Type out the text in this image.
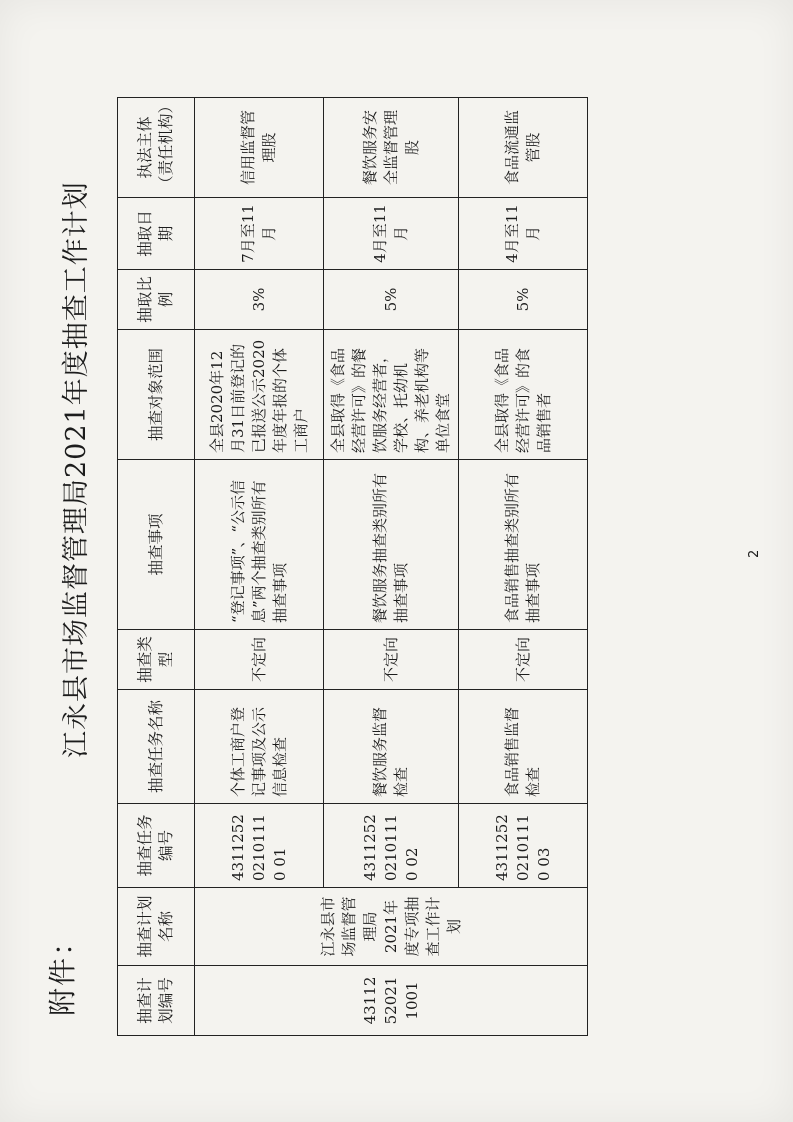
附件：
江永县市场监督管理局2021年度抽查工作计划
抽查计划编号	抽查计划名称	抽查任务编号	抽查任务名称	抽查类型	抽查事项	抽查对象范围	抽取比例	抽取日期	执法主体（责任机构）
43112520211001	江永县市场监督管理局2021年度专项抽查工作计划	431125202101110 01	个体工商户登记事项及公示信息检查	不定向	“登记事项”、“公示信息”两个抽查类别所有抽查事项	全县2020年12月31日前登记的已报送公示2020年度年报的个体工商户	3%	7月至11月	信用监督管理股
		431125202101110 02	餐饮服务监督检查	不定向	餐饮服务抽查类别所有抽查事项	全县取得《食品经营许可》的餐饮服务经营者，学校、托幼机构、养老机构等单位食堂	5%	4月至11月	餐饮服务安全监督管理股
		431125202101110 03	食品销售监督检查	不定向	食品销售抽查类别所有抽查事项	全县取得《食品经营许可》的食品销售者	5%	4月至11月	食品流通监管股
2
